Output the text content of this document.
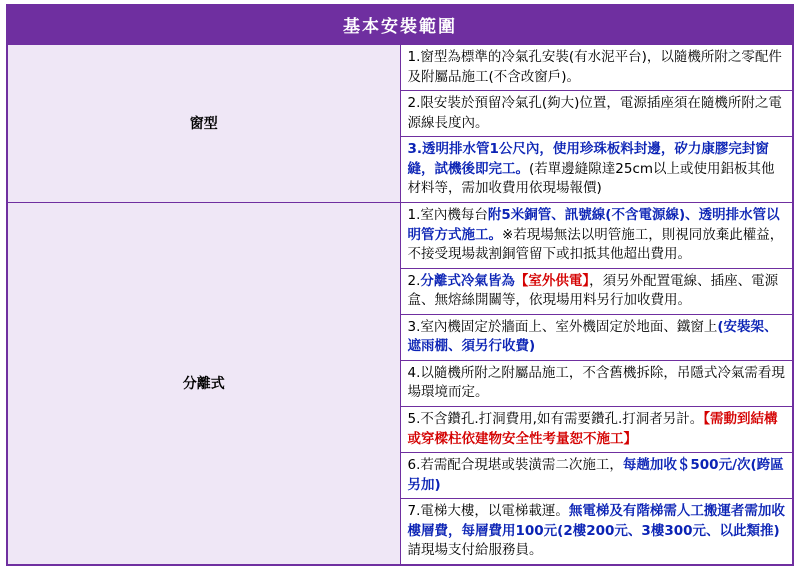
基本安裝範圍	
窗型	
1.窗型為標準的冷氣孔安裝(有水泥平台)，以隨機所附之零配件及附屬品施工(不含改窗戶)。
2.限安裝於預留冷氣孔(夠大)位置，電源插座須在隨機所附之電源線長度內。
3.透明排水管1公尺內，使用珍珠板料封邊，矽力康膠完封窗縫，試機後即完工。(若單邊縫隙達25cm以上或使用鋁板其他材料等，需加收費用依現場報價)

分離式	
1.室內機每台附5米銅管、訊號線(不含電源線)、透明排水管以明管方式施工。※若現場無法以明管施工，則視同放棄此權益，不接受現場裁割銅管留下或扣抵其他超出費用。
2.分離式冷氣皆為【室外供電】，須另外配置電線、插座、電源盒、無熔絲開關等，依現場用料另行加收費用。
3.室內機固定於牆面上、室外機固定於地面、鐵窗上(安裝架、遮雨棚、須另行收費)
4.以隨機所附之附屬品施工，不含舊機拆除，吊隱式冷氣需看現場環境而定。
5.不含鑽孔.打洞費用,如有需要鑽孔.打洞者另計。【需動到結構或穿樑柱依建物安全性考量恕不施工】
6.若需配合現堪或裝潢需二次施工，每趟加收＄500元/次(跨區另加)
7.電梯大樓，以電梯載運。無電梯及有階梯需人工搬運者需加收樓層費，每層費用100元(2樓200元、3樓300元、以此類推)請現場支付給服務員。
